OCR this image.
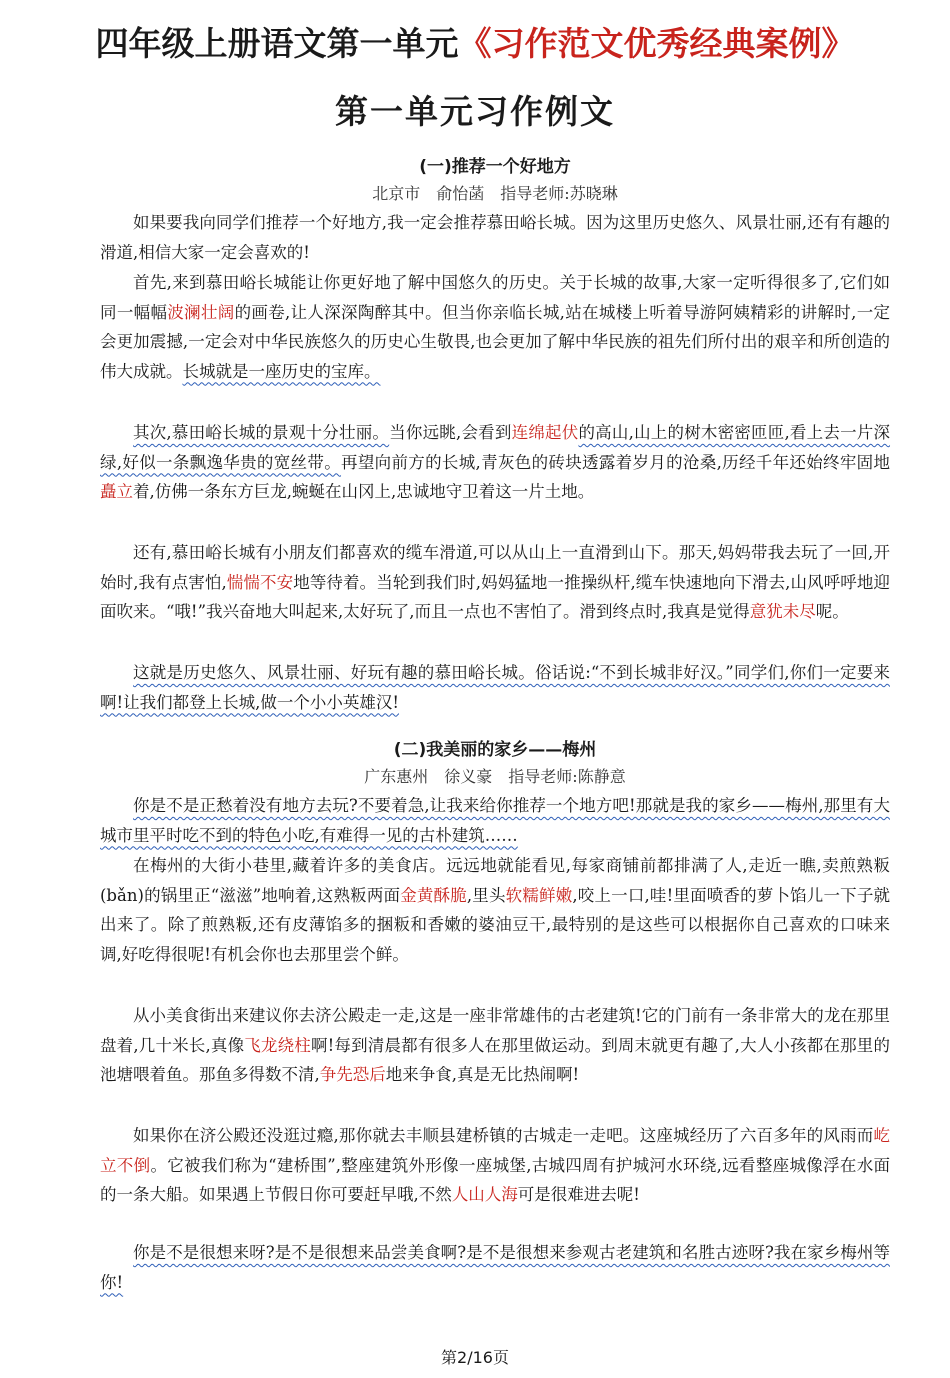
四年级上册语文第一单元《习作范文优秀经典案例》
第一单元习作例文
(一)推荐一个好地方
北京市　俞怡菡　指导老师:苏晓琳

如果要我向同学们推荐一个好地方,我一定会推荐慕田峪长城。因为这里历史悠久、风景壮丽,还有有趣的滑道,相信大家一定会喜欢的!

首先,来到慕田峪长城能让你更好地了解中国悠久的历史。关于长城的故事,大家一定听得很多了,它们如同一幅幅波澜壮阔的画卷,让人深深陶醉其中。但当你亲临长城,站在城楼上听着导游阿姨精彩的讲解时,一定会更加震撼,一定会对中华民族悠久的历史心生敬畏,也会更加了解中华民族的祖先们所付出的艰辛和所创造的伟大成就。长城就是一座历史的宝库。

其次,慕田峪长城的景观十分壮丽。当你远眺,会看到连绵起伏的高山,山上的树木密密匝匝,看上去一片深绿,好似一条飘逸华贵的宽丝带。再望向前方的长城,青灰色的砖块透露着岁月的沧桑,历经千年还始终牢固地矗立着,仿佛一条东方巨龙,蜿蜒在山冈上,忠诚地守卫着这一片土地。

还有,慕田峪长城有小朋友们都喜欢的缆车滑道,可以从山上一直滑到山下。那天,妈妈带我去玩了一回,开始时,我有点害怕,惴惴不安地等待着。当轮到我们时,妈妈猛地一推操纵杆,缆车快速地向下滑去,山风呼呼地迎面吹来。“哦!”我兴奋地大叫起来,太好玩了,而且一点也不害怕了。滑到终点时,我真是觉得意犹未尽呢。

这就是历史悠久、风景壮丽、好玩有趣的慕田峪长城。俗话说:“不到长城非好汉。”同学们,你们一定要来啊!让我们都登上长城,做一个小小英雄汉!

(二)我美丽的家乡——梅州
广东惠州　徐义豪　指导老师:陈静意

你是不是正愁着没有地方去玩?不要着急,让我来给你推荐一个地方吧!那就是我的家乡——梅州,那里有大城市里平时吃不到的特色小吃,有难得一见的古朴建筑……

在梅州的大街小巷里,藏着许多的美食店。远远地就能看见,每家商铺前都排满了人,走近一瞧,卖煎熟粄(bǎn)的锅里正“滋滋”地响着,这熟粄两面金黄酥脆,里头软糯鲜嫩,咬上一口,哇!里面喷香的萝卜馅儿一下子就出来了。除了煎熟粄,还有皮薄馅多的捆粄和香嫩的婆油豆干,最特别的是这些可以根据你自己喜欢的口味来调,好吃得很呢!有机会你也去那里尝个鲜。

从小美食街出来建议你去济公殿走一走,这是一座非常雄伟的古老建筑!它的门前有一条非常大的龙在那里盘着,几十米长,真像飞龙绕柱啊!每到清晨都有很多人在那里做运动。到周末就更有趣了,大人小孩都在那里的池塘喂着鱼。那鱼多得数不清,争先恐后地来争食,真是无比热闹啊!

如果你在济公殿还没逛过瘾,那你就去丰顺县建桥镇的古城走一走吧。这座城经历了六百多年的风雨而屹立不倒。它被我们称为“建桥围”,整座建筑外形像一座城堡,古城四周有护城河水环绕,远看整座城像浮在水面的一条大船。如果遇上节假日你可要赶早哦,不然人山人海可是很难进去呢!

你是不是很想来呀?是不是很想来品尝美食啊?是不是很想来参观古老建筑和名胜古迹呀?我在家乡梅州等你!

第2/16页
